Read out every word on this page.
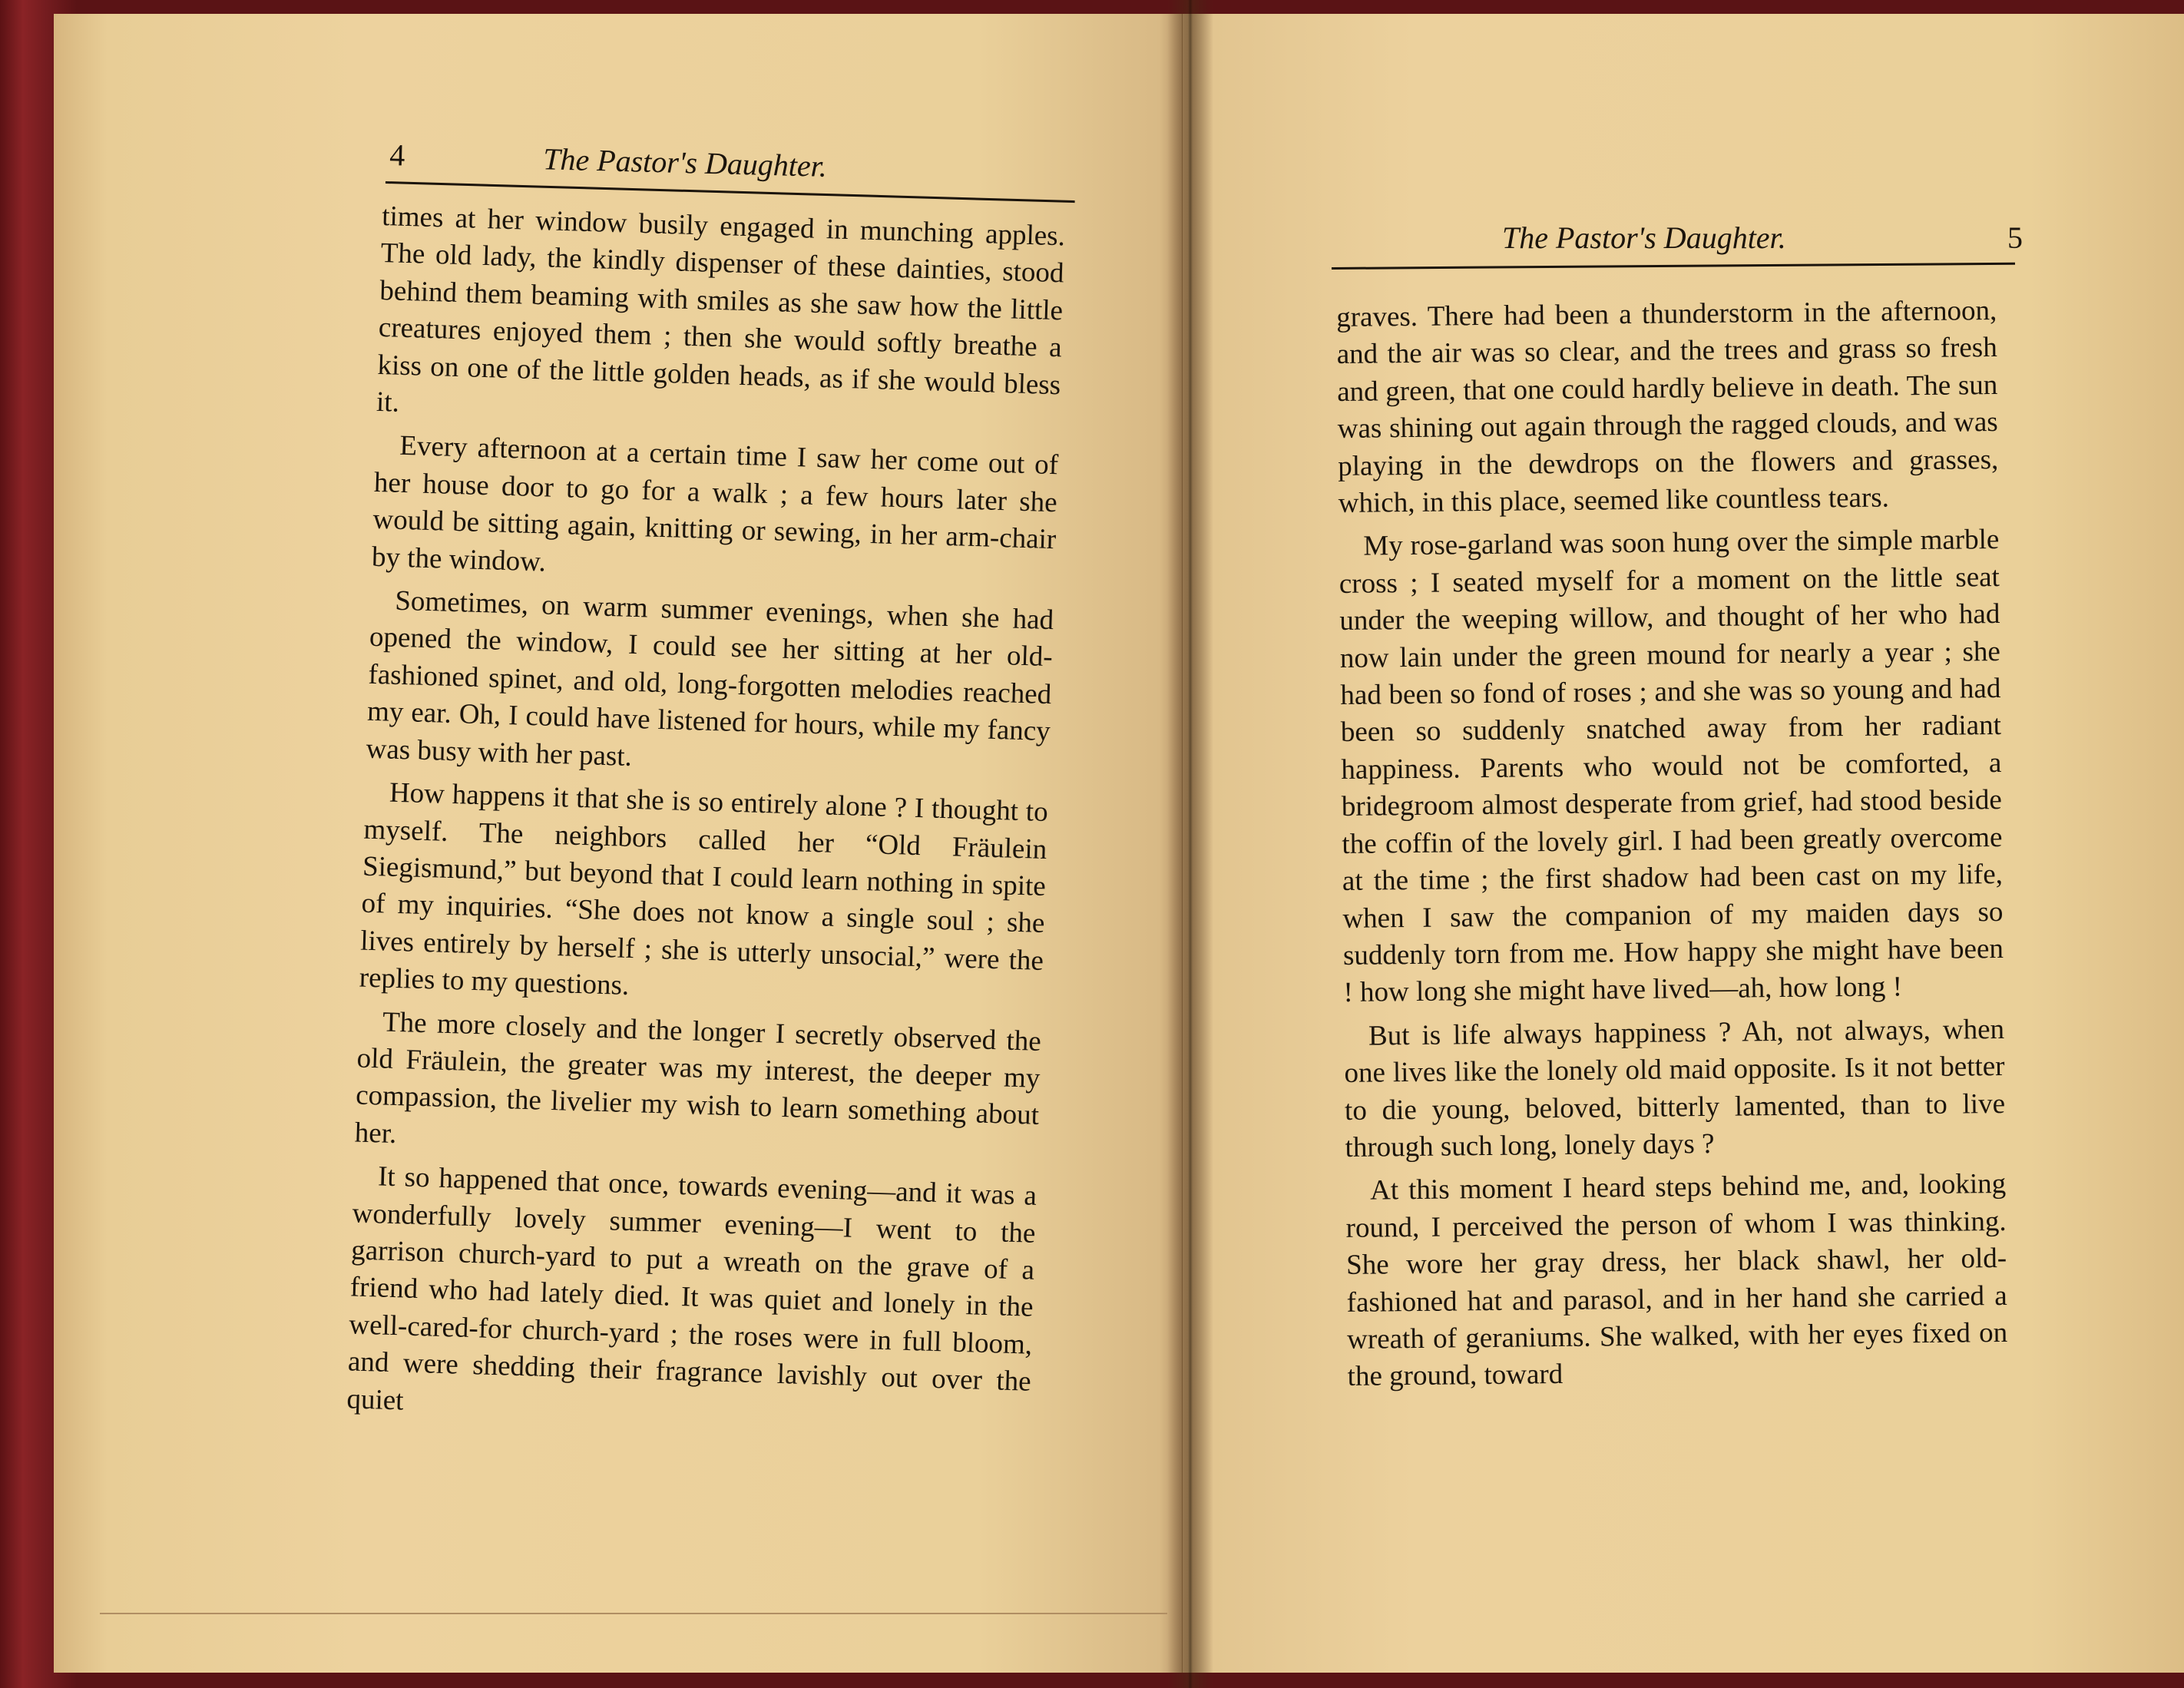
4	The Pastor's Daughter.

times at her window busily engaged in munching apples. The old lady, the kindly dispenser of these dainties, stood behind them beaming with smiles as she saw how the little creatures enjoyed them ; then she would softly breathe a kiss on one of the little golden heads, as if she would bless it.

Every afternoon at a certain time I saw her come out of her house door to go for a walk ; a few hours later she would be sitting again, knitting or sewing, in her arm-chair by the window.

Sometimes, on warm summer evenings, when she had opened the window, I could see her sitting at her old-fashioned spinet, and old, long-forgotten melodies reached my ear. Oh, I could have listened for hours, while my fancy was busy with her past.

How happens it that she is so entirely alone ? I thought to myself. The neighbors called her “Old Fräulein Siegismund,” but beyond that I could learn nothing in spite of my inquiries. “She does not know a single soul ; she lives entirely by herself ; she is utterly unsocial,” were the replies to my questions.

The more closely and the longer I secretly observed the old Fräulein, the greater was my interest, the deeper my compassion, the livelier my wish to learn something about her.

It so happened that once, towards evening—and it was a wonderfully lovely summer evening—I went to the garrison church-yard to put a wreath on the grave of a friend who had lately died. It was quiet and lonely in the well-cared-for church-yard ; the roses were in full bloom, and were shedding their fragrance lavishly out over the quiet

The Pastor's Daughter.	5

graves. There had been a thunderstorm in the afternoon, and the air was so clear, and the trees and grass so fresh and green, that one could hardly believe in death. The sun was shining out again through the ragged clouds, and was playing in the dewdrops on the flowers and grasses, which, in this place, seemed like countless tears.

My rose-garland was soon hung over the simple marble cross ; I seated myself for a moment on the little seat under the weeping willow, and thought of her who had now lain under the green mound for nearly a year ; she had been so fond of roses ; and she was so young and had been so suddenly snatched away from her radiant happiness. Parents who would not be comforted, a bridegroom almost desperate from grief, had stood beside the coffin of the lovely girl. I had been greatly overcome at the time ; the first shadow had been cast on my life, when I saw the companion of my maiden days so suddenly torn from me. How happy she might have been ! how long she might have lived—ah, how long !

But is life always happiness ? Ah, not always, when one lives like the lonely old maid opposite. Is it not better to die young, beloved, bitterly lamented, than to live through such long, lonely days ?

At this moment I heard steps behind me, and, looking round, I perceived the person of whom I was thinking. She wore her gray dress, her black shawl, her old-fashioned hat and parasol, and in her hand she carried a wreath of geraniums. She walked, with her eyes fixed on the ground, toward
